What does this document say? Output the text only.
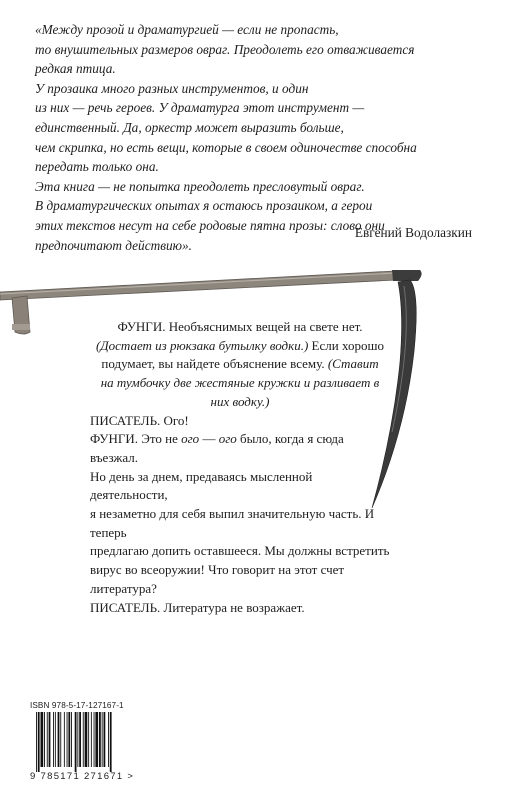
«Между прозой и драматургией — если не пропасть,

то внушительных размеров овраг. Преодолеть его отваживается

редкая птица.

У прозаика много разных инструментов, и один

из них — речь героев. У драматурга этот инструмент —

единственный. Да, оркестр может выразить больше,

чем скрипка, но есть вещи, которые в своем одиночестве способна

передать только она.

Эта книга — не попытка преодолеть пресловутый овраг.

В драматургических опытах я остаюсь прозаиком, а герои

этих текстов несут на себе родовые пятна прозы: слово они

предпочитают действию».

Евгений Водолазкин

ФУНГИ. Необъяснимых вещей на свете нет.

(Достает из рюкзака бутылку водки.) Если хорошо

подумает, вы найдете объяснение всему. (Ставит

на тумбочку две жестяные кружки и разливает в них водку.)

ПИСАТЕЛЬ. Ого!

ФУНГИ. Это не ого — ого было, когда я сюда въезжал.

Но день за днем, предаваясь мысленной деятельности,

я незаметно для себя выпил значительную часть. И теперь

предлагаю допить оставшееся. Мы должны встретить

вирус во всеоружии! Что говорит на этот счет

литература?

ПИСАТЕЛЬ. Литература не возражает.

ISBN 978-5-17-127167-1
9 785171 271671 >
